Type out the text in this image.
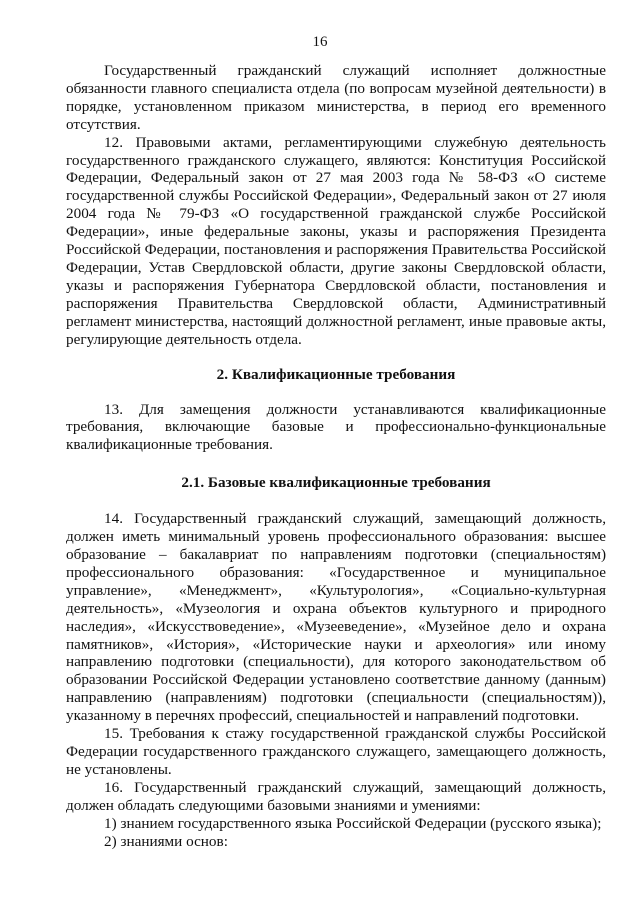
16

Государственный гражданский служащий исполняет должностные обязанности главного специалиста отдела (по вопросам музейной деятельности) в порядке, установленном приказом министерства, в период его временного отсутствия.

12. Правовыми актами, регламентирующими служебную деятельность государственного гражданского служащего, являются: Конституция Российской Федерации, Федеральный закон от 27 мая 2003 года № 58-ФЗ «О системе государственной службы Российской Федерации», Федеральный закон от 27 июля 2004 года № 79-ФЗ «О государственной гражданской службе Российской Федерации», иные федеральные законы, указы и распоряжения Президента Российской Федерации, постановления и распоряжения Правительства Российской Федерации, Устав Свердловской области, другие законы Свердловской области, указы и распоряжения Губернатора Свердловской области, постановления и распоряжения Правительства Свердловской области, Административный регламент министерства, настоящий должностной регламент, иные правовые акты, регулирующие деятельность отдела.

2. Квалификационные требования

13. Для замещения должности устанавливаются квалификационные требования, включающие базовые и профессионально-функциональные квалификационные требования.

2.1. Базовые квалификационные требования

14. Государственный гражданский служащий, замещающий должность, должен иметь минимальный уровень профессионального образования: высшее образование – бакалавриат по направлениям подготовки (специальностям) профессионального образования: «Государственное и муниципальное управление», «Менеджмент», «Культурология», «Социально-культурная деятельность», «Музеология и охрана объектов культурного и природного наследия», «Искусствоведение», «Музееведение», «Музейное дело и охрана памятников», «История», «Исторические науки и археология» или иному направлению подготовки (специальности), для которого законодательством об образовании Российской Федерации установлено соответствие данному (данным) направлению (направлениям) подготовки (специальности (специальностям)), указанному в перечнях профессий, специальностей и направлений подготовки.

15. Требования к стажу государственной гражданской службы Российской Федерации государственного гражданского служащего, замещающего должность, не установлены.

16. Государственный гражданский служащий, замещающий должность, должен обладать следующими базовыми знаниями и умениями:

1) знанием государственного языка Российской Федерации (русского языка);

2) знаниями основ:
